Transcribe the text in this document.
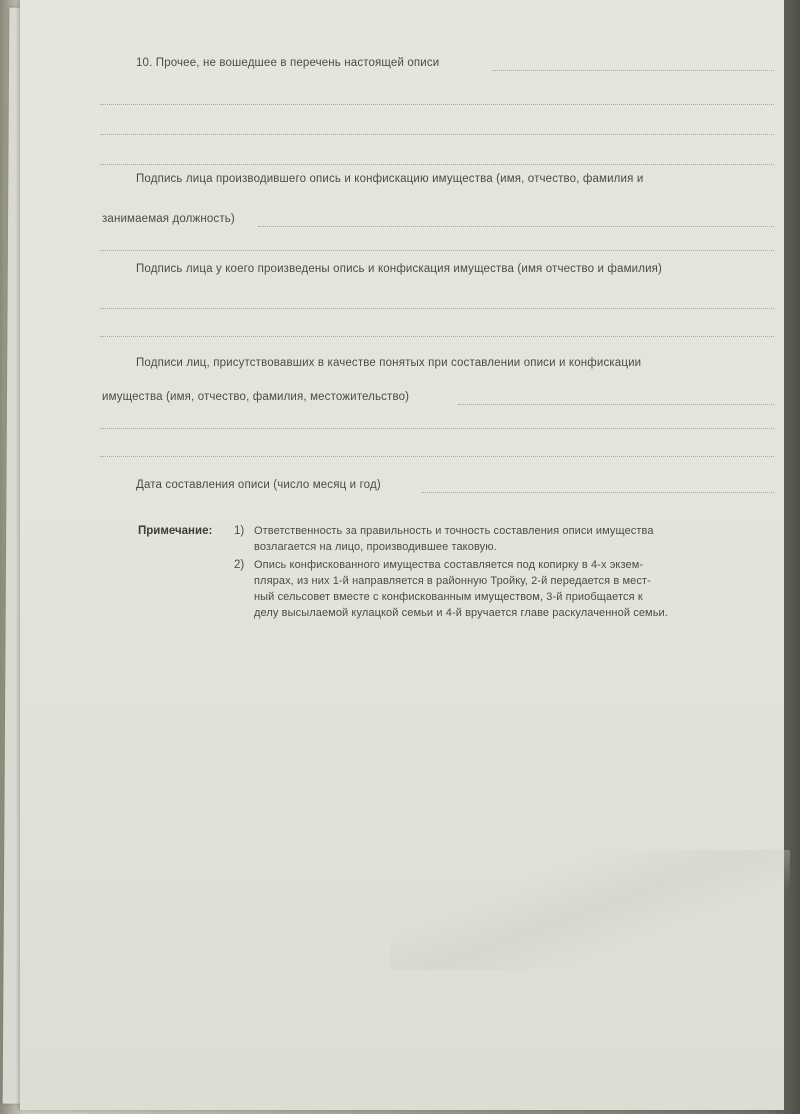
10. Прочее, не вошедшее в перечень настоящей описи
Подпись лица производившего опись и конфискацию имущества (имя, отчество, фамилия и
занимаемая должность)
Подпись лица у коего произведены опись и конфискация имущества (имя отчество и фамилия)
Подписи лиц, присутствовавших в качестве понятых при составлении описи и конфискации
имущества (имя, отчество, фамилия, местожительство)
Дата составления описи (число месяц и год)
Примечание: 1) Ответственность за правильность и точность составления описи имущества
возлагается на лицо, производившее таковую.
2) Опись конфискованного имущества составляется под копирку в 4-х экзем-
плярах, из них 1-й направляется в районную Тройку, 2-й передается в мест-
ный сельсовет вместе с конфискованным имуществом, 3-й приобщается к
делу высылаемой кулацкой семьи и 4-й вручается главе раскулаченной семьи.
